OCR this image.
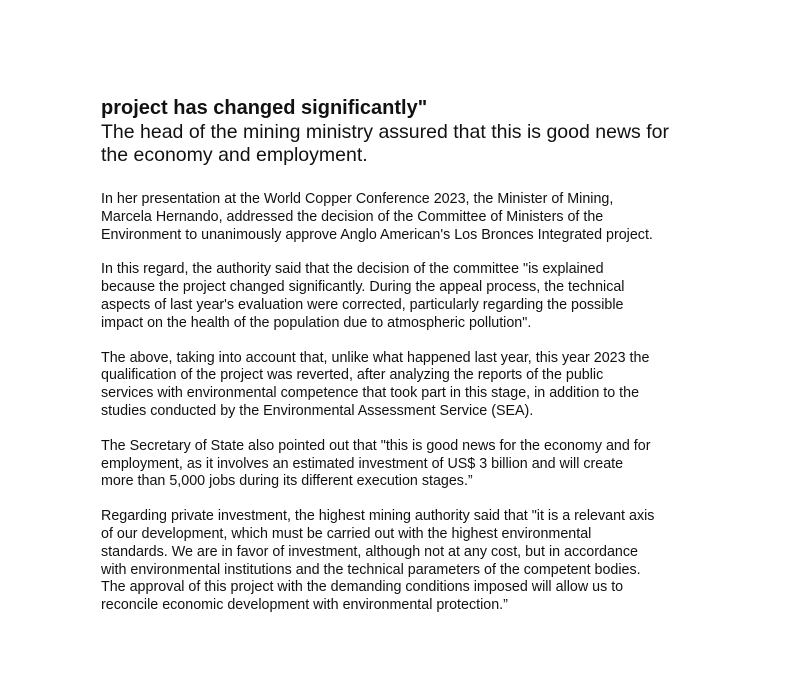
project has changed significantly"
The head of the mining ministry assured that this is good news for
the economy and employment.

In her presentation at the World Copper Conference 2023, the Minister of Mining,
Marcela Hernando, addressed the decision of the Committee of Ministers of the
Environment to unanimously approve Anglo American's Los Bronces Integrated project.

In this regard, the authority said that the decision of the committee "is explained
because the project changed significantly. During the appeal process, the technical
aspects of last year's evaluation were corrected, particularly regarding the possible
impact on the health of the population due to atmospheric pollution".

The above, taking into account that, unlike what happened last year, this year 2023 the
qualification of the project was reverted, after analyzing the reports of the public
services with environmental competence that took part in this stage, in addition to the
studies conducted by the Environmental Assessment Service (SEA).

The Secretary of State also pointed out that "this is good news for the economy and for
employment, as it involves an estimated investment of US$ 3 billion and will create
more than 5,000 jobs during its different execution stages.”

Regarding private investment, the highest mining authority said that "it is a relevant axis
of our development, which must be carried out with the highest environmental
standards. We are in favor of investment, although not at any cost, but in accordance
with environmental institutions and the technical parameters of the competent bodies.
The approval of this project with the demanding conditions imposed will allow us to
reconcile economic development with environmental protection.”
